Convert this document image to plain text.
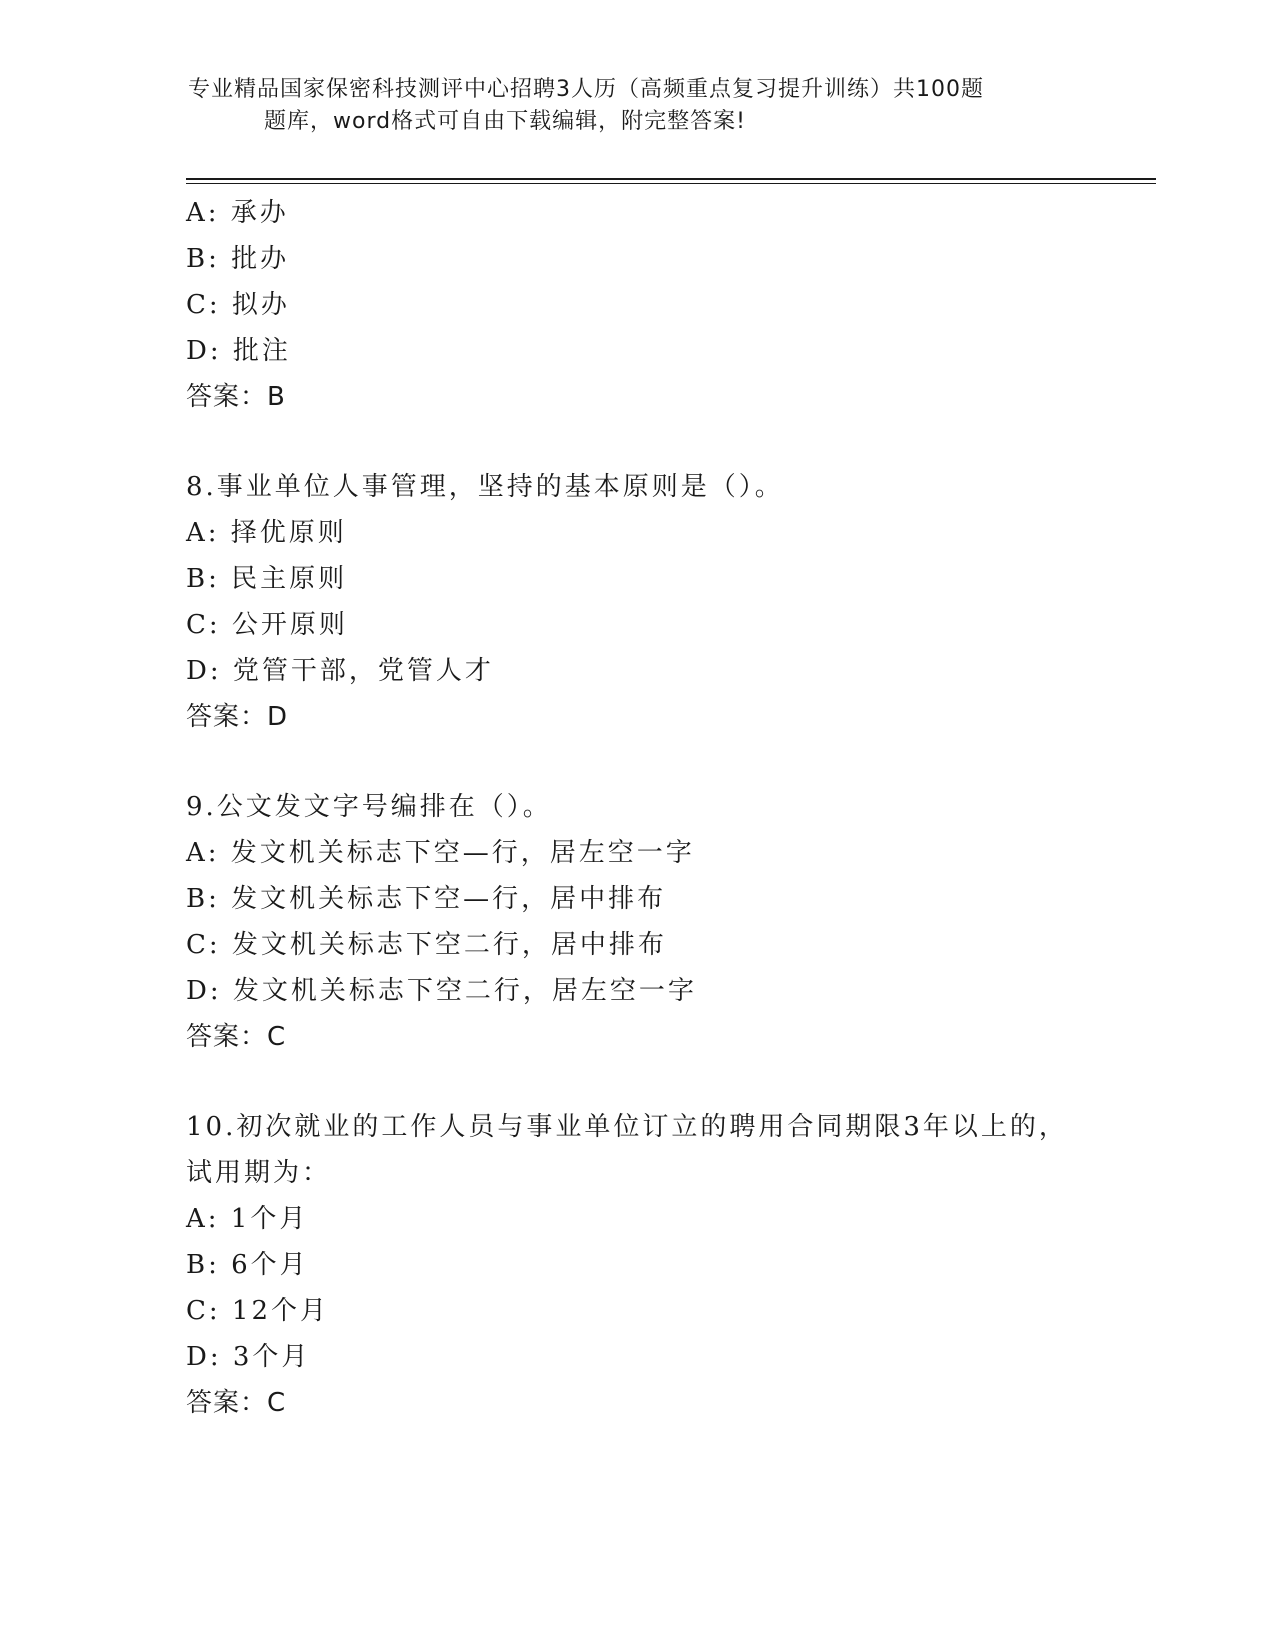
专业精品国家保密科技测评中心招聘3人历（高频重点复习提升训练）共100题
题库，word格式可自由下载编辑，附完整答案!
A: 承办
B: 批办
C: 拟办
D: 批注
答案：B
8.事业单位人事管理，坚持的基本原则是（）。
A: 择优原则
B: 民主原则
C: 公开原则
D: 党管干部，党管人才
答案：D
9.公文发文字号编排在（）。
A: 发文机关标志下空—行，居左空一字
B: 发文机关标志下空—行，居中排布
C: 发文机关标志下空二行，居中排布
D: 发文机关标志下空二行，居左空一字
答案：C
10.初次就业的工作人员与事业单位订立的聘用合同期限3年以上的，
试用期为：
A: 1个月
B: 6个月
C: 12个月
D: 3个月
答案：C
